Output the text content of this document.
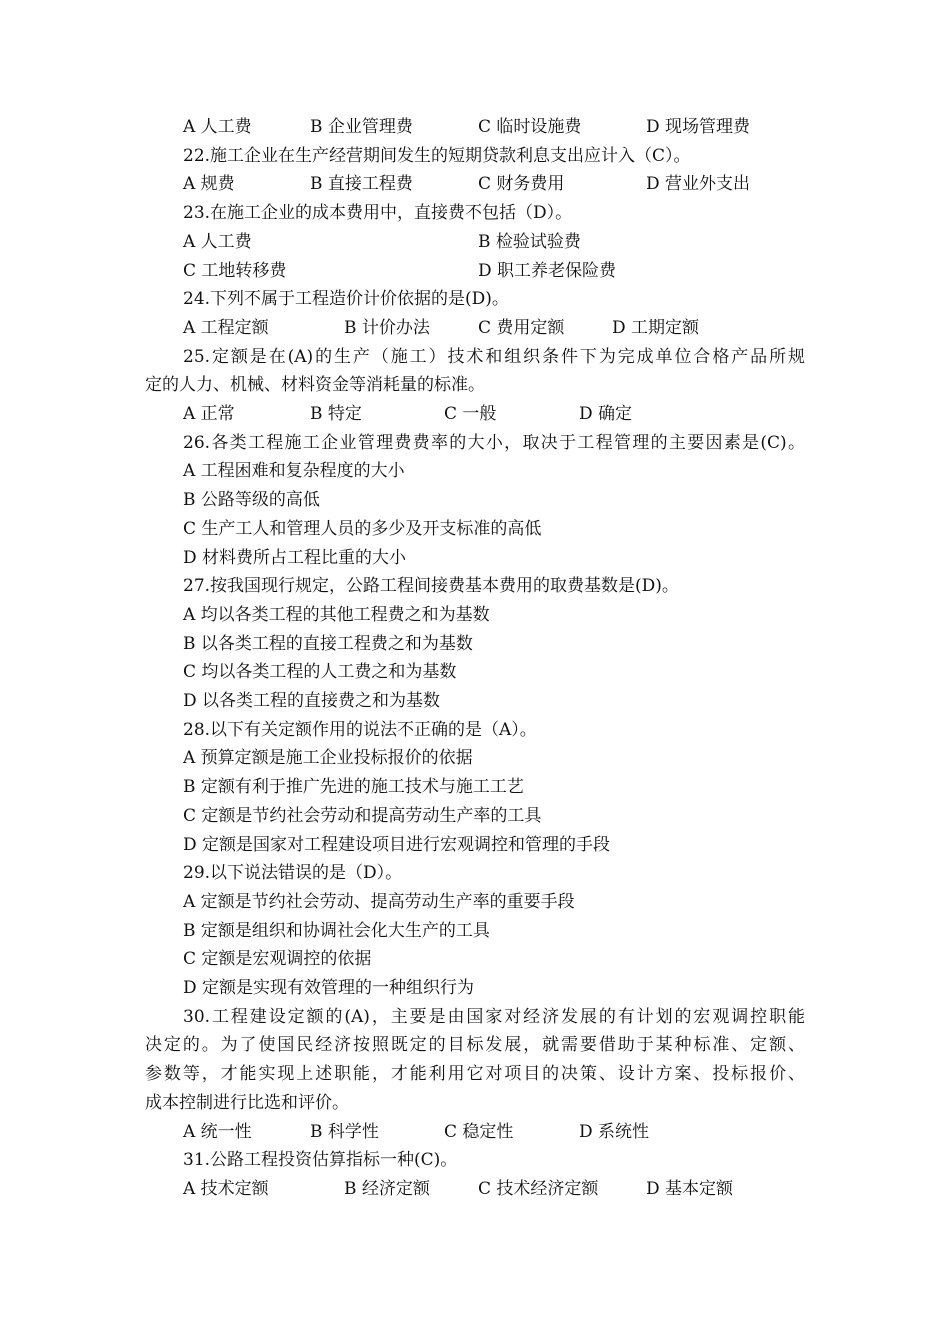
A 人工费	B 企业管理费	C 临时设施费	D 现场管理费
22.施工企业在生产经营期间发生的短期贷款利息支出应计入（C）。
A 规费	B 直接工程费	C 财务费用	D 营业外支出
23.在施工企业的成本费用中，直接费不包括（D）。
A 人工费	B 检验试验费
C 工地转移费	D 职工养老保险费
24.下列不属于工程造价计价依据的是(D)。
A 工程定额	B 计价办法	C 费用定额	D 工期定额
25.定额是在(A)的生产（施工）技术和组织条件下为完成单位合格产品所规
定的人力、机械、材料资金等消耗量的标准。
A 正常	B 特定	C 一般	D 确定
26.各类工程施工企业管理费费率的大小，取决于工程管理的主要因素是(C)。
A 工程困难和复杂程度的大小
B 公路等级的高低
C 生产工人和管理人员的多少及开支标准的高低
D 材料费所占工程比重的大小
27.按我国现行规定，公路工程间接费基本费用的取费基数是(D)。
A 均以各类工程的其他工程费之和为基数
B 以各类工程的直接工程费之和为基数
C 均以各类工程的人工费之和为基数
D 以各类工程的直接费之和为基数
28.以下有关定额作用的说法不正确的是（A）。
A 预算定额是施工企业投标报价的依据
B 定额有利于推广先进的施工技术与施工工艺
C 定额是节约社会劳动和提高劳动生产率的工具
D 定额是国家对工程建设项目进行宏观调控和管理的手段
29.以下说法错误的是（D）。
A 定额是节约社会劳动、提高劳动生产率的重要手段
B 定额是组织和协调社会化大生产的工具
C 定额是宏观调控的依据
D 定额是实现有效管理的一种组织行为
30.工程建设定额的(A)，主要是由国家对经济发展的有计划的宏观调控职能
决定的。为了使国民经济按照既定的目标发展，就需要借助于某种标准、定额、
参数等，才能实现上述职能，才能利用它对项目的决策、设计方案、投标报价、
成本控制进行比选和评价。
A 统一性	B 科学性	C 稳定性	D 系统性
31.公路工程投资估算指标一种(C)。
A 技术定额	B 经济定额	C 技术经济定额	D 基本定额
